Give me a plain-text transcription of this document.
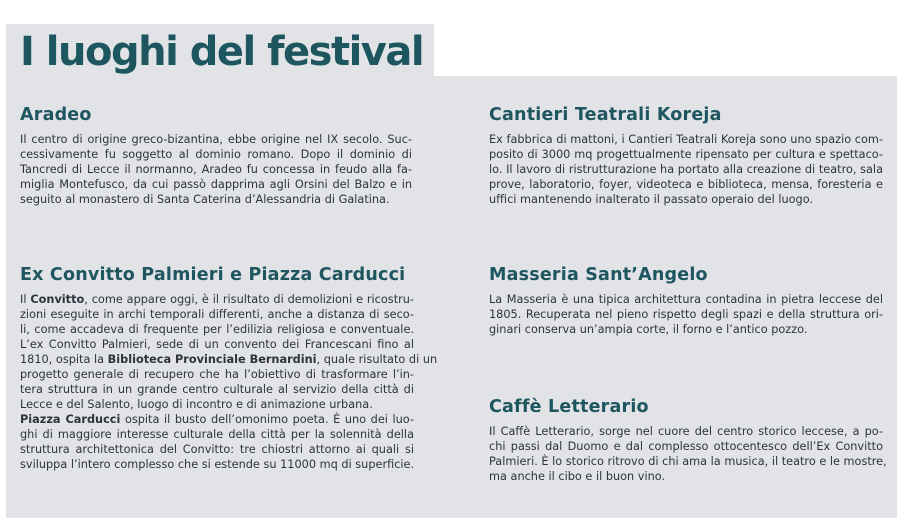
I luoghi del festival
Aradeo
Il centro di origine greco-bizantina, ebbe origine nel IX secolo. Suc-
cessivamente fu soggetto al dominio romano. Dopo il dominio di
Tancredi di Lecce il normanno, Aradeo fu concessa in feudo alla fa-
miglia Montefusco, da cui passò dapprima agli Orsini del Balzo e in
seguito al monastero di Santa Caterina d’Alessandria di Galatina.
Cantieri Teatrali Koreja
Ex fabbrica di mattoni, i Cantieri Teatrali Koreja sono uno spazio com-
posito di 3000 mq progettualmente ripensato per cultura e spettaco-
lo. Il lavoro di ristrutturazione ha portato alla creazione di teatro, sala
prove, laboratorio, foyer, videoteca e biblioteca, mensa, foresteria e
uffici mantenendo inalterato il passato operaio del luogo.
Ex Convitto Palmieri e Piazza Carducci
Il Convitto, come appare oggi, è il risultato di demolizioni e ricostru-
zioni eseguite in archi temporali differenti, anche a distanza di seco-
li, come accadeva di frequente per l’edilizia religiosa e conventuale.
L’ex Convitto Palmieri, sede di un convento dei Francescani fino al
1810, ospita la Biblioteca Provinciale Bernardini, quale risultato di un
progetto generale di recupero che ha l’obiettivo di trasformare l’in-
tera struttura in un grande centro culturale al servizio della città di
Lecce e del Salento, luogo di incontro e di animazione urbana.
Piazza Carducci ospita il busto dell’omonimo poeta. È uno dei luo-
ghi di maggiore interesse culturale della città per la solennità della
struttura architettonica del Convitto: tre chiostri attorno ai quali si
sviluppa l’intero complesso che si estende su 11000 mq di superficie.
Masseria Sant’Angelo
La Masseria è una tipica architettura contadina in pietra leccese del
1805. Recuperata nel pieno rispetto degli spazi e della struttura ori-
ginari conserva un’ampia corte, il forno e l’antico pozzo.
Caffè Letterario
Il Caffè Letterario, sorge nel cuore del centro storico leccese, a po-
chi passi dal Duomo e dal complesso ottocentesco dell’Ex Convitto
Palmieri. È lo storico ritrovo di chi ama la musica, il teatro e le mostre,
ma anche il cibo e il buon vino.
